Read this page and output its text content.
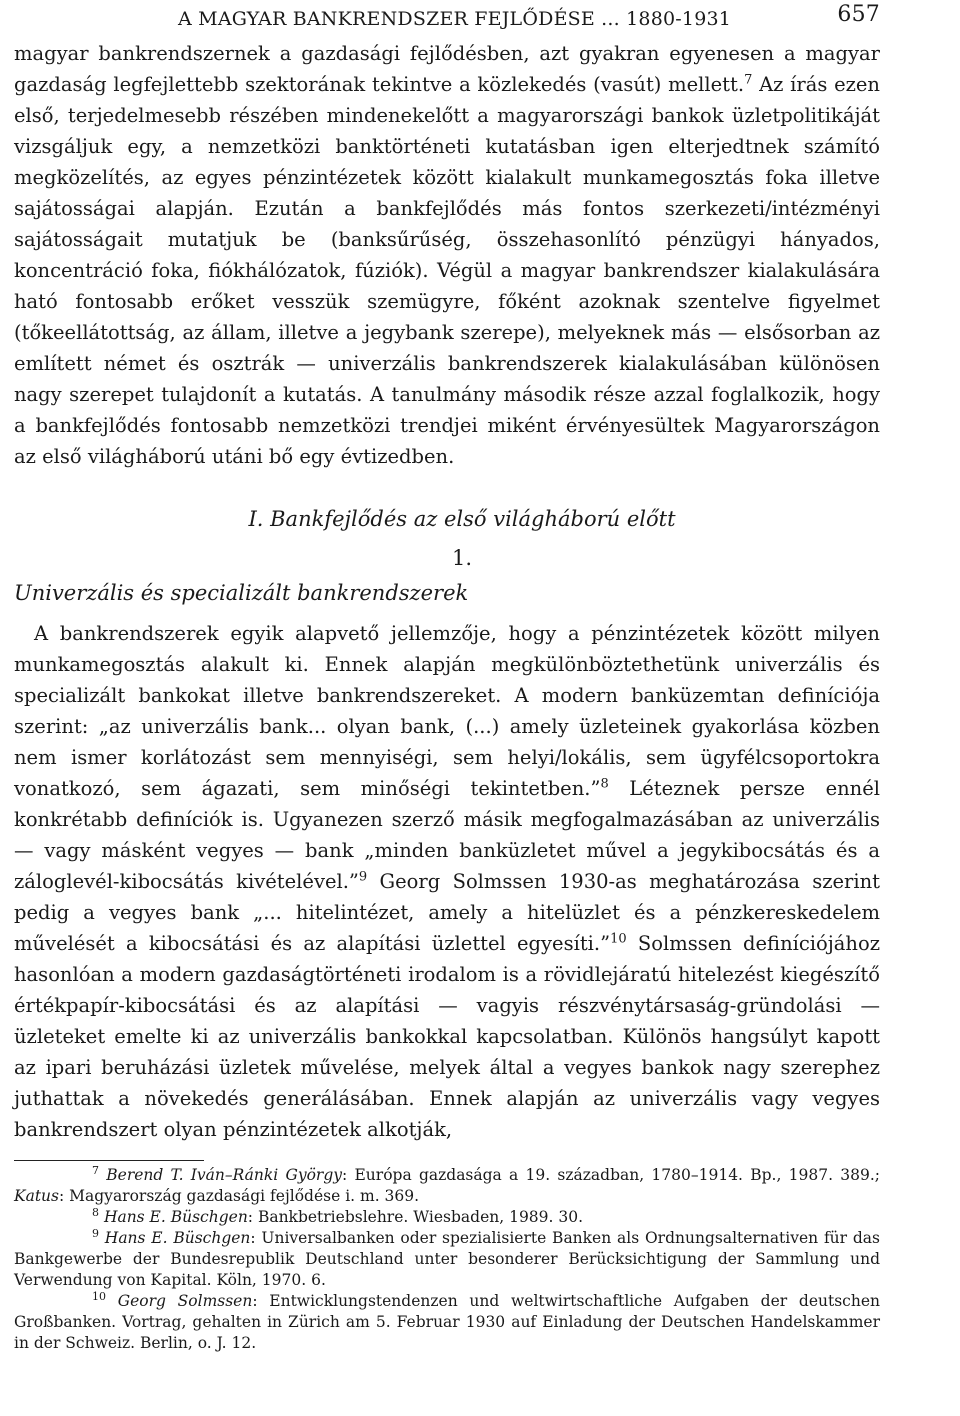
A MAGYAR BANKRENDSZER FEJLŐDÉSE ... 1880-1931	657

magyar bankrendszernek a gazdasági fejlődésben, azt gyakran egyenesen a magyar gazdaság legfejlettebb szektorának tekintve a közlekedés (vasút) mellett.$^7$ Az írás ezen első, terjedelmesebb részében mindenekelőtt a magyarországi bankok üzletpolitikáját vizsgáljuk egy, a nemzetközi banktörténeti kutatásban igen elterjedtnek számító megközelítés, az egyes pénzintézetek között kialakult munkamegosztás foka illetve sajátosságai alapján. Ezután a bankfejlődés más fontos szerkezeti/intézményi sajátosságait mutatjuk be (banksűrűség, összehasonlító pénzügyi hányados, koncentráció foka, fiókhálózatok, fúziók). Végül a magyar bankrendszer kialakulására ható fontosabb erőket vesszük szemügyre, főként azoknak szentelve figyelmet (tőkeellátottság, az állam, illetve a jegybank szerepe), melyeknek más — elsősorban az említett német és osztrák — univerzális bankrendszerek kialakulásában különösen nagy szerepet tulajdonít a kutatás. A tanulmány második része azzal foglalkozik, hogy a bankfejlődés fontosabb nemzetközi trendjei miként érvényesültek Magyarországon az első világháború utáni bő egy évtizedben.

I. Bankfejlődés az első világháború előtt
1.
Univerzális és specializált bankrendszerek

A bankrendszerek egyik alapvető jellemzője, hogy a pénzintézetek között milyen munkamegosztás alakult ki. Ennek alapján megkülönböztethetünk univerzális és specializált bankokat illetve bankrendszereket. A modern banküzemtan definíciója szerint: „az univerzális bank... olyan bank, (...) amely üzleteinek gyakorlása közben nem ismer korlátozást sem mennyiségi, sem helyi/lokális, sem ügyfélcsoportokra vonatkozó, sem ágazati, sem minőségi tekintetben.”$^8$ Léteznek persze ennél konkrétabb definíciók is. Ugyanezen szerző másik megfogalmazásában az univerzális — vagy másként vegyes — bank „minden banküzletet művel a jegykibocsátás és a záloglevél-kibocsátás kivételével.”$^9$ Georg Solmssen 1930-as meghatározása szerint pedig a vegyes bank „... hitelintézet, amely a hitelüzlet és a pénzkereskedelem művelését a kibocsátási és az alapítási üzlettel egyesíti.”$^{10}$ Solmssen definíciójához hasonlóan a modern gazdaságtörténeti irodalom is a rövidlejáratú hitelezést kiegészítő értékpapír-kibocsátási és az alapítási — vagyis részvénytársaság-gründolási — üzleteket emelte ki az univerzális bankokkal kapcsolatban. Különös hangsúlyt kapott az ipari beruházási üzletek művelése, melyek által a vegyes bankok nagy szerephez juthattak a növekedés generálásában. Ennek alapján az univerzális vagy vegyes bankrendszert olyan pénzintézetek alkotják,

$^7$ Berend T. Iván–Ránki György: Európa gazdasága a 19. században, 1780–1914. Bp., 1987. 389.; Katus: Magyarország gazdasági fejlődése i. m. 369.

$^8$ Hans E. Büschgen: Bankbetriebslehre. Wiesbaden, 1989. 30.

$^9$ Hans E. Büschgen: Universalbanken oder spezialisierte Banken als Ordnungsalternativen für das Bankgewerbe der Bundesrepublik Deutschland unter besonderer Berücksichtigung der Sammlung und Verwendung von Kapital. Köln, 1970. 6.

$^{10}$ Georg Solmssen: Entwicklungstendenzen und weltwirtschaftliche Aufgaben der deutschen Großbanken. Vortrag, gehalten in Zürich am 5. Februar 1930 auf Einladung der Deutschen Handelskammer in der Schweiz. Berlin, o. J. 12.
